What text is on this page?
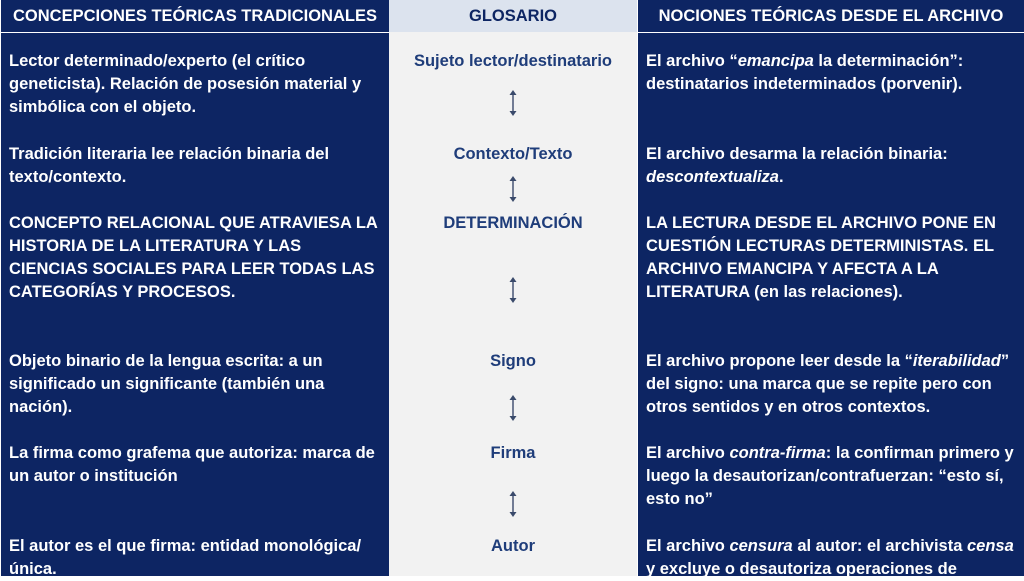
CONCEPCIONES TEÓRICAS TRADICIONALES

Lector determinado/experto (el crítico geneticista). Relación de posesión material y simbólica con el objeto.

Tradición literaria lee relación binaria del texto/contexto.

CONCEPTO RELACIONAL QUE ATRAVIESA LA HISTORIA DE LA LITERATURA Y LAS CIENCIAS SOCIALES PARA LEER TODAS LAS CATEGORÍAS Y PROCESOS.

Objeto binario de la lengua escrita: a un significado un significante (también una nación).

La firma como grafema que autoriza: marca de un autor o institución

El autor es el que firma: entidad monológica/única.

GLOSARIO

Sujeto lector/destinatario

Contexto/Texto

DETERMINACIÓN

Signo

Firma

Autor

NOCIONES TEÓRICAS DESDE EL ARCHIVO

El archivo “emancipa la determinación”: destinatarios indeterminados (porvenir).

El archivo desarma la relación binaria: descontextualiza.

LA LECTURA DESDE EL ARCHIVO PONE EN CUESTIÓN LECTURAS DETERMINISTAS. EL ARCHIVO EMANCIPA Y AFECTA A LA LITERATURA (en las relaciones).

El archivo propone leer desde la “iterabilidad” del signo: una marca que se repite pero con otros sentidos y en otros contextos.

El archivo contra-firma: la confirman primero y luego la desautorizan/contrafuerzan: “esto sí, esto no”

El archivo censura al autor: el archivista censa y excluye o desautoriza operaciones de
